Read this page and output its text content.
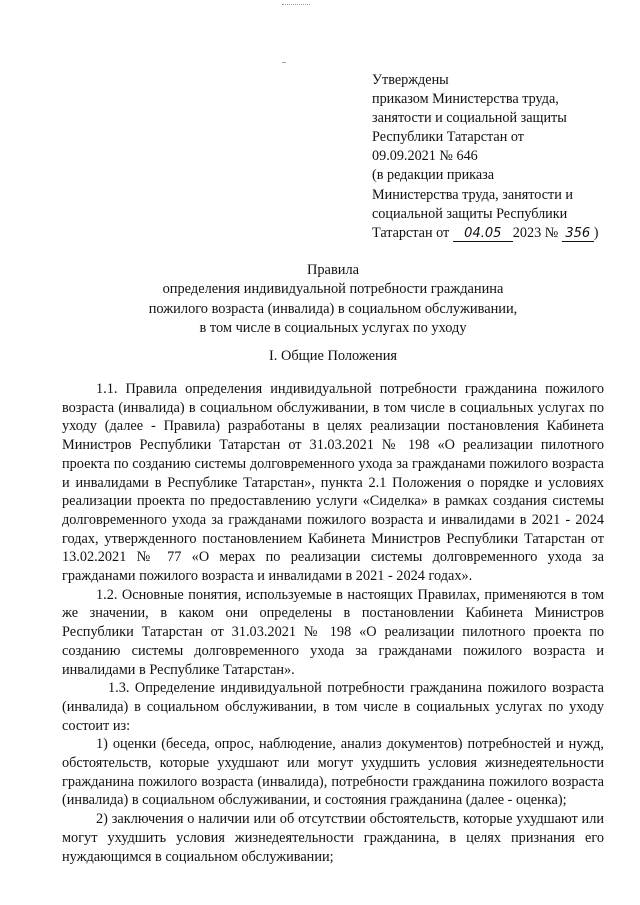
Утверждены
приказом Министерства труда,
занятости и социальной защиты
Республики Татарстан от
09.09.2021 № 646
(в редакции приказа
Министерства труда, занятости и
социальной защиты Республики
Татарстан от 04.05 2023 № 356 )
Правила
определения индивидуальной потребности гражданина
пожилого возраста (инвалида) в социальном обслуживании,
в том числе в социальных услугах по уходу
I. Общие Положения

1.1. Правила определения индивидуальной потребности гражданина пожилого возраста (инвалида) в социальном обслуживании, в том числе в социальных услугах по уходу (далее - Правила) разработаны в целях реализации постановления Кабинета Министров Республики Татарстан от 31.03.2021 № 198 «О реализации пилотного проекта по созданию системы долговременного ухода за гражданами пожилого возраста и инвалидами в Республике Татарстан», пункта 2.1 Положения о порядке и условиях реализации проекта по предоставлению услуги «Сиделка» в рамках создания системы долговременного ухода за гражданами пожилого возраста и инвалидами в 2021 - 2024 годах, утвержденного постановлением Кабинета Министров Республики Татарстан от 13.02.2021 № 77 «О мерах по реализации системы долговременного ухода за гражданами пожилого возраста и инвалидами в 2021 - 2024 годах».

1.2. Основные понятия, используемые в настоящих Правилах, применяются в том же значении, в каком они определены в постановлении Кабинета Министров Республики Татарстан от 31.03.2021 № 198 «О реализации пилотного проекта по созданию системы долговременного ухода за гражданами пожилого возраста и инвалидами в Республике Татарстан».

1.3. Определение индивидуальной потребности гражданина пожилого возраста (инвалида) в социальном обслуживании, в том числе в социальных услугах по уходу состоит из:

1) оценки (беседа, опрос, наблюдение, анализ документов) потребностей и нужд, обстоятельств, которые ухудшают или могут ухудшить условия жизнедеятельности гражданина пожилого возраста (инвалида), потребности гражданина пожилого возраста (инвалида) в социальном обслуживании, и состояния гражданина (далее - оценка);

2) заключения о наличии или об отсутствии обстоятельств, которые ухудшают или могут ухудшить условия жизнедеятельности гражданина, в целях признания его нуждающимся в социальном обслуживании;
